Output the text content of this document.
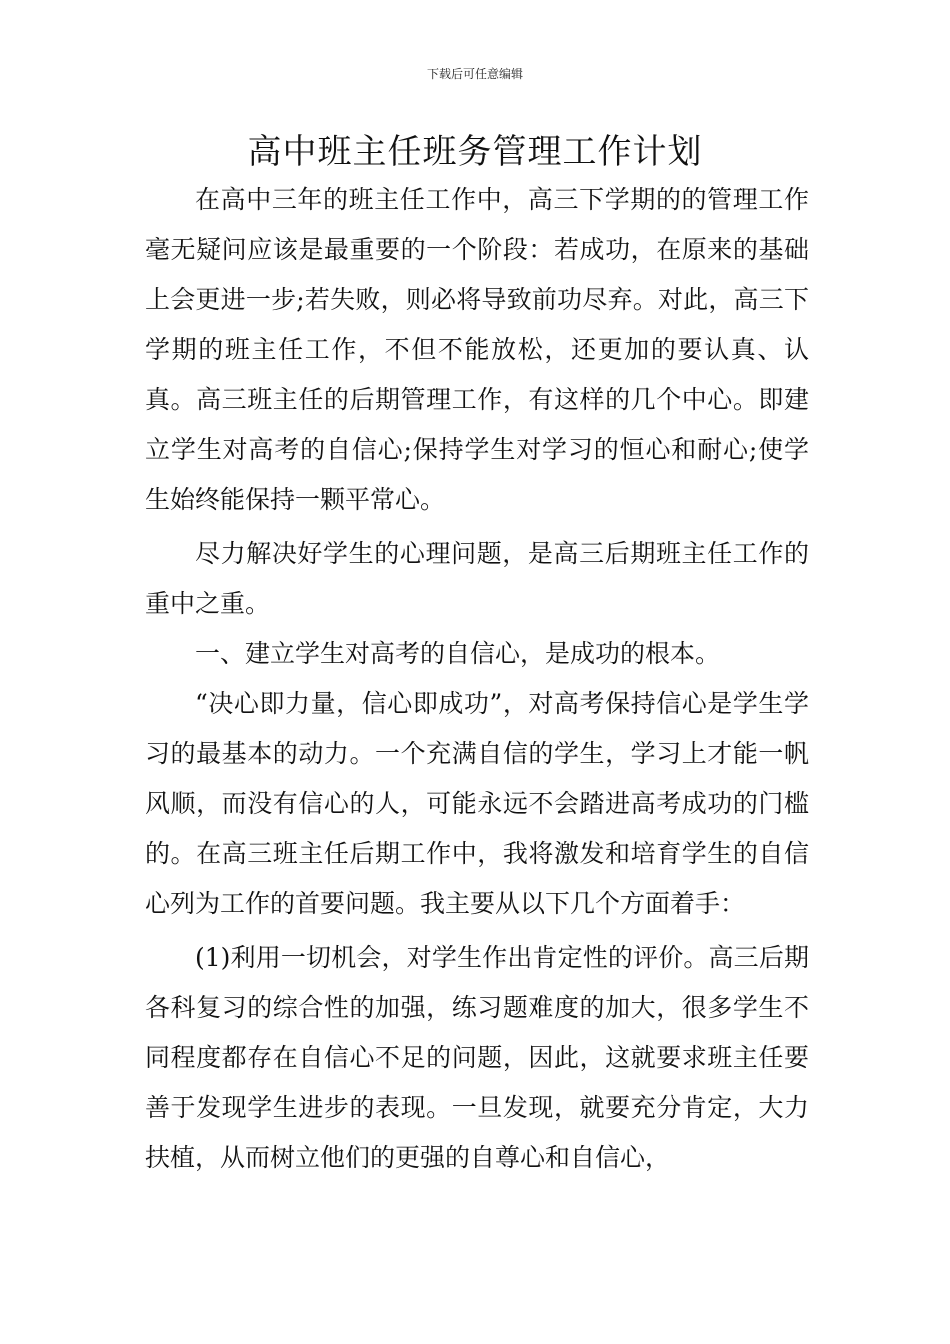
下载后可任意编辑
高中班主任班务管理工作计划

在高中三年的班主任工作中，高三下学期的的管理工作毫无疑问应该是最重要的一个阶段：若成功，在原来的基础上会更进一步;若失败，则必将导致前功尽弃。对此，高三下学期的班主任工作，不但不能放松，还更加的要认真、认真。高三班主任的后期管理工作，有这样的几个中心。即建立学生对高考的自信心;保持学生对学习的恒心和耐心;使学生始终能保持一颗平常心。

尽力解决好学生的心理问题，是高三后期班主任工作的重中之重。

一、建立学生对高考的自信心，是成功的根本。

“决心即力量，信心即成功”，对高考保持信心是学生学习的最基本的动力。一个充满自信的学生，学习上才能一帆风顺，而没有信心的人，可能永远不会踏进高考成功的门槛的。在高三班主任后期工作中，我将激发和培育学生的自信心列为工作的首要问题。我主要从以下几个方面着手：

(1)利用一切机会，对学生作出肯定性的评价。高三后期各科复习的综合性的加强，练习题难度的加大，很多学生不同程度都存在自信心不足的问题，因此，这就要求班主任要善于发现学生进步的表现。一旦发现，就要充分肯定，大力扶植，从而树立他们的更强的自尊心和自信心，
